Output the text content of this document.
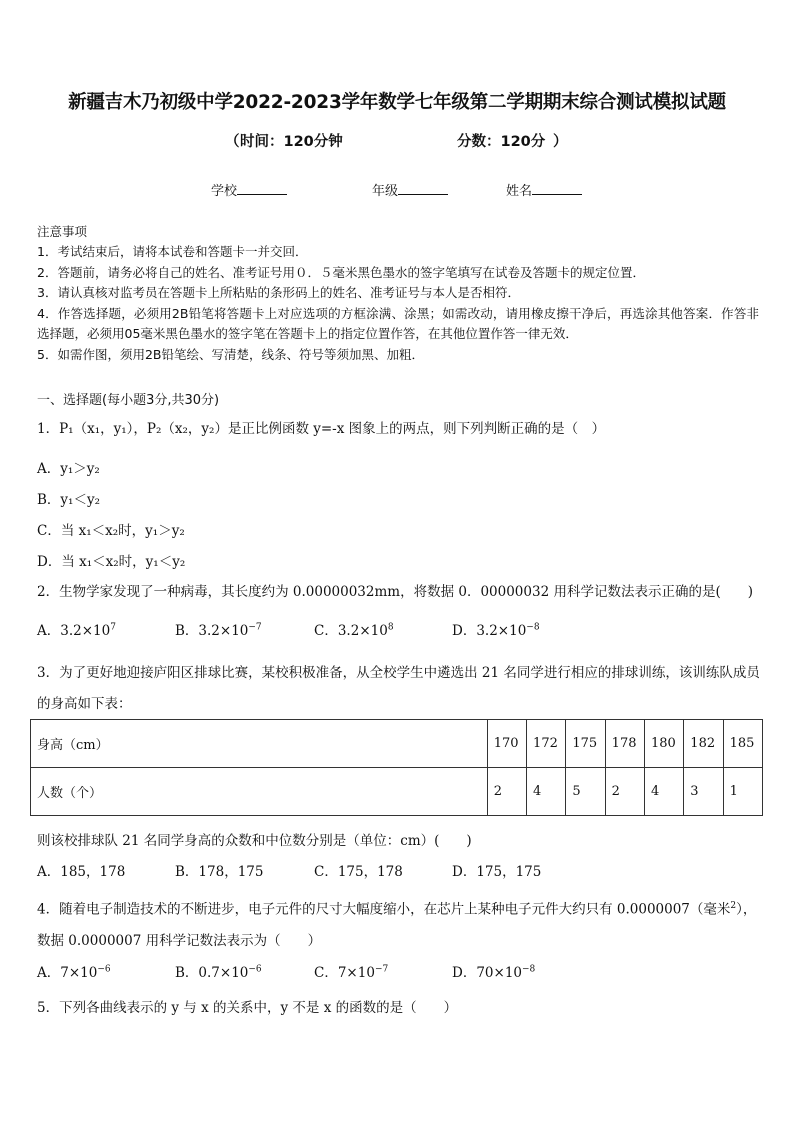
新疆吉木乃初级中学2022-2023学年数学七年级第二学期期末综合测试模拟试题
（ 时间：120分钟	分数：120分 ）
学校	年级	姓名
注意事项
1．考试结束后，请将本试卷和答题卡一并交回．
2．答题前，请务必将自己的姓名、准考证号用０．５毫米黑色墨水的签字笔填写在试卷及答题卡的规定位置．
3．请认真核对监考员在答题卡上所粘贴的条形码上的姓名、准考证号与本人是否相符．
4．作答选择题，必须用2B铅笔将答题卡上对应选项的方框涂满、涂黑；如需改动，请用橡皮擦干净后，再选涂其他答案．作答非选择题，必须用05毫米黑色墨水的签字笔在答题卡上的指定位置作答，在其他位置作答一律无效．
5．如需作图，须用2B铅笔绘、写清楚，线条、符号等须加黑、加粗．
一、选择题(每小题3分,共30分)
1．P₁（x₁，y₁），P₂（x₂，y₂）是正比例函数 y=-x 图象上的两点，则下列判断正确的是（　）
A．y₁＞y₂
B．y₁＜y₂
C．当 x₁＜x₂时，y₁＞y₂
D．当 x₁＜x₂时，y₁＜y₂
2．生物学家发现了一种病毒，其长度约为 0.00000032mm，将数据 0．00000032 用科学记数法表示正确的是(　　)
A．$3.2\times 10^7$	B．$3.2\times 10^{-7}$	C．$3.2\times 10^8$	D．$3.2\times 10^{-8}$
3．为了更好地迎接庐阳区排球比赛，某校积极准备，从全校学生中遴选出 21 名同学进行相应的排球训练，该训练队成员的身高如下表：
身高（cm）	170	172	175	178	180	182	185
人数（个）	2	4	5	2	4	3	1
则该校排球队 21 名同学身高的众数和中位数分别是（单位：cm）(　　)
A．185，178	B．178，175	C．175，178	D．175，175
4．随着电子制造技术的不断进步，电子元件的尺寸大幅度缩小，在芯片上某种电子元件大约只有 0.0000007（毫米$^2$），数据 0.0000007 用科学记数法表示为（　　）
A．$7\times 10^{-6}$	B．$0.7\times 10^{-6}$	C．$7\times 10^{-7}$	D．$70\times 10^{-8}$
5．下列各曲线表示的 y 与 x 的关系中，y 不是 x 的函数的是（　　）
